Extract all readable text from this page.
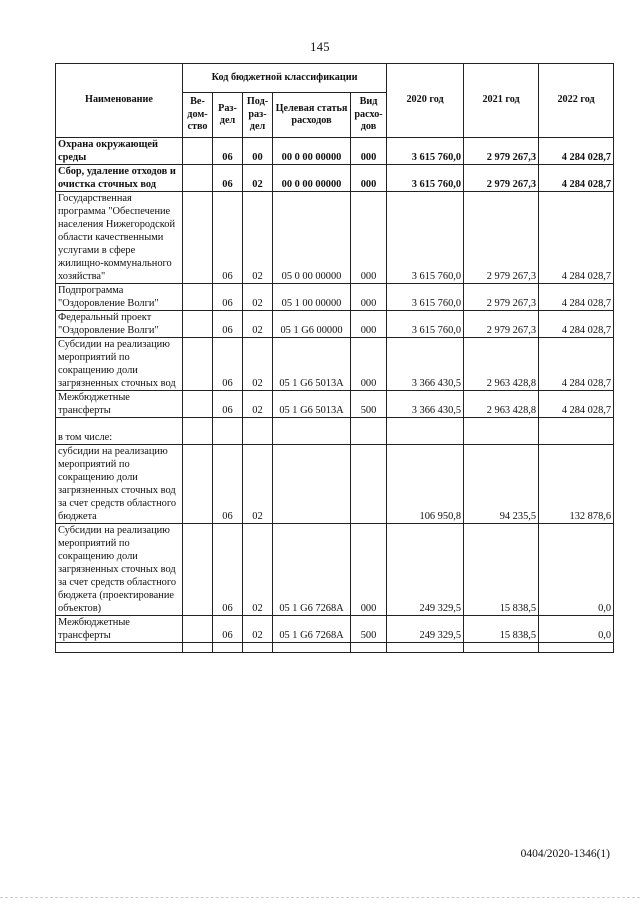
145
Наименование	Код бюджетной классификации					2020 год	2021 год	2022 год
	Ве-дом-ство	Раз-дел	Под-раз-дел	Целевая статья расходов	Вид расхо-дов			
Охрана окружающей среды		06	00	00 0 00 00000	000	3 615 760,0	2 979 267,3	4 284 028,7
Сбор, удаление отходов и очистка сточных вод		06	02	00 0 00 00000	000	3 615 760,0	2 979 267,3	4 284 028,7
Государственная программа "Обеспечение населения Нижегородской области качественными услугами в сфере жилищно-коммунального хозяйства"		06	02	05 0 00 00000	000	3 615 760,0	2 979 267,3	4 284 028,7
Подпрограмма "Оздоровление Волги"		06	02	05 1 00 00000	000	3 615 760,0	2 979 267,3	4 284 028,7
Федеральный проект "Оздоровление Волги"		06	02	05 1 G6 00000	000	3 615 760,0	2 979 267,3	4 284 028,7
Субсидии на реализацию мероприятий по сокращению доли загрязненных сточных вод		06	02	05 1 G6 5013A	000	3 366 430,5	2 963 428,8	4 284 028,7
Межбюджетные трансферты		06	02	05 1 G6 5013A	500	3 366 430,5	2 963 428,8	4 284 028,7
в том числе:								
субсидии на реализацию мероприятий по сокращению доли загрязненных сточных вод за счет средств областного бюджета		06	02			106 950,8	94 235,5	132 878,6
Субсидии на реализацию мероприятий по сокращению доли загрязненных сточных вод за счет средств областного бюджета (проектирование объектов)		06	02	05 1 G6 7268A	000	249 329,5	15 838,5	0,0
Межбюджетные трансферты		06	02	05 1 G6 7268A	500	249 329,5	15 838,5	0,0

0404/2020-1346(1)
